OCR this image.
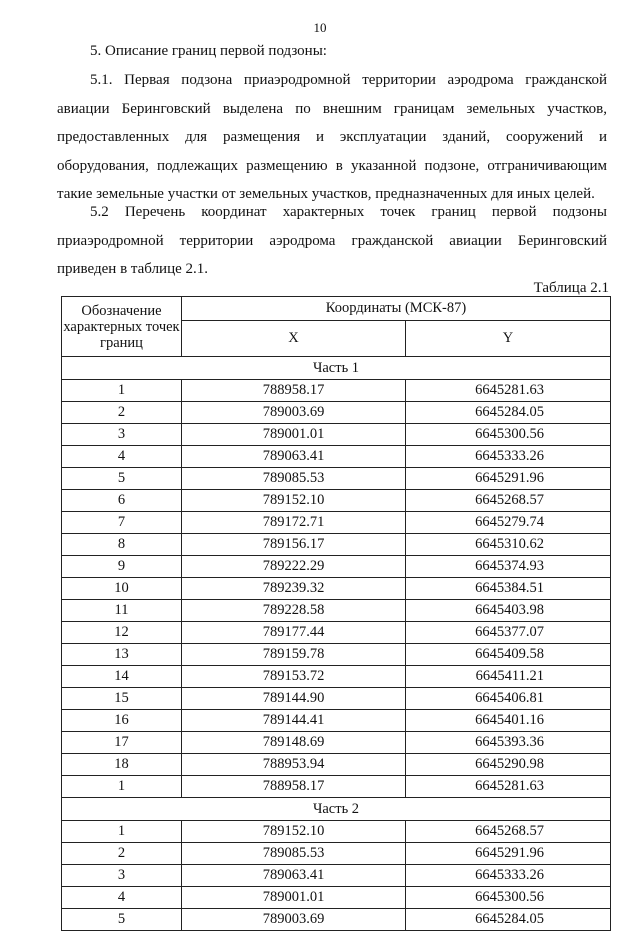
10

5. Описание границ первой подзоны:

5.1. Первая подзона приаэродромной территории аэродрома гражданской авиации Беринговский выделена по внешним границам земельных участков, предоставленных для размещения и эксплуатации зданий, сооружений и оборудования, подлежащих размещению в указанной подзоне, отграничивающим такие земельные участки от земельных участков, предназначенных для иных целей.

5.2 Перечень координат характерных точек границ первой подзоны приаэродромной территории аэродрома гражданской авиации Беринговский приведен в таблице 2.1.

Таблица 2.1
Обозначение характерных точек границ	Координаты (МСК-87)	
	X	Y
Часть 1		
1	788958.17	6645281.63
2	789003.69	6645284.05
3	789001.01	6645300.56
4	789063.41	6645333.26
5	789085.53	6645291.96
6	789152.10	6645268.57
7	789172.71	6645279.74
8	789156.17	6645310.62
9	789222.29	6645374.93
10	789239.32	6645384.51
11	789228.58	6645403.98
12	789177.44	6645377.07
13	789159.78	6645409.58
14	789153.72	6645411.21
15	789144.90	6645406.81
16	789144.41	6645401.16
17	789148.69	6645393.36
18	788953.94	6645290.98
1	788958.17	6645281.63
Часть 2		
1	789152.10	6645268.57
2	789085.53	6645291.96
3	789063.41	6645333.26
4	789001.01	6645300.56
5	789003.69	6645284.05
